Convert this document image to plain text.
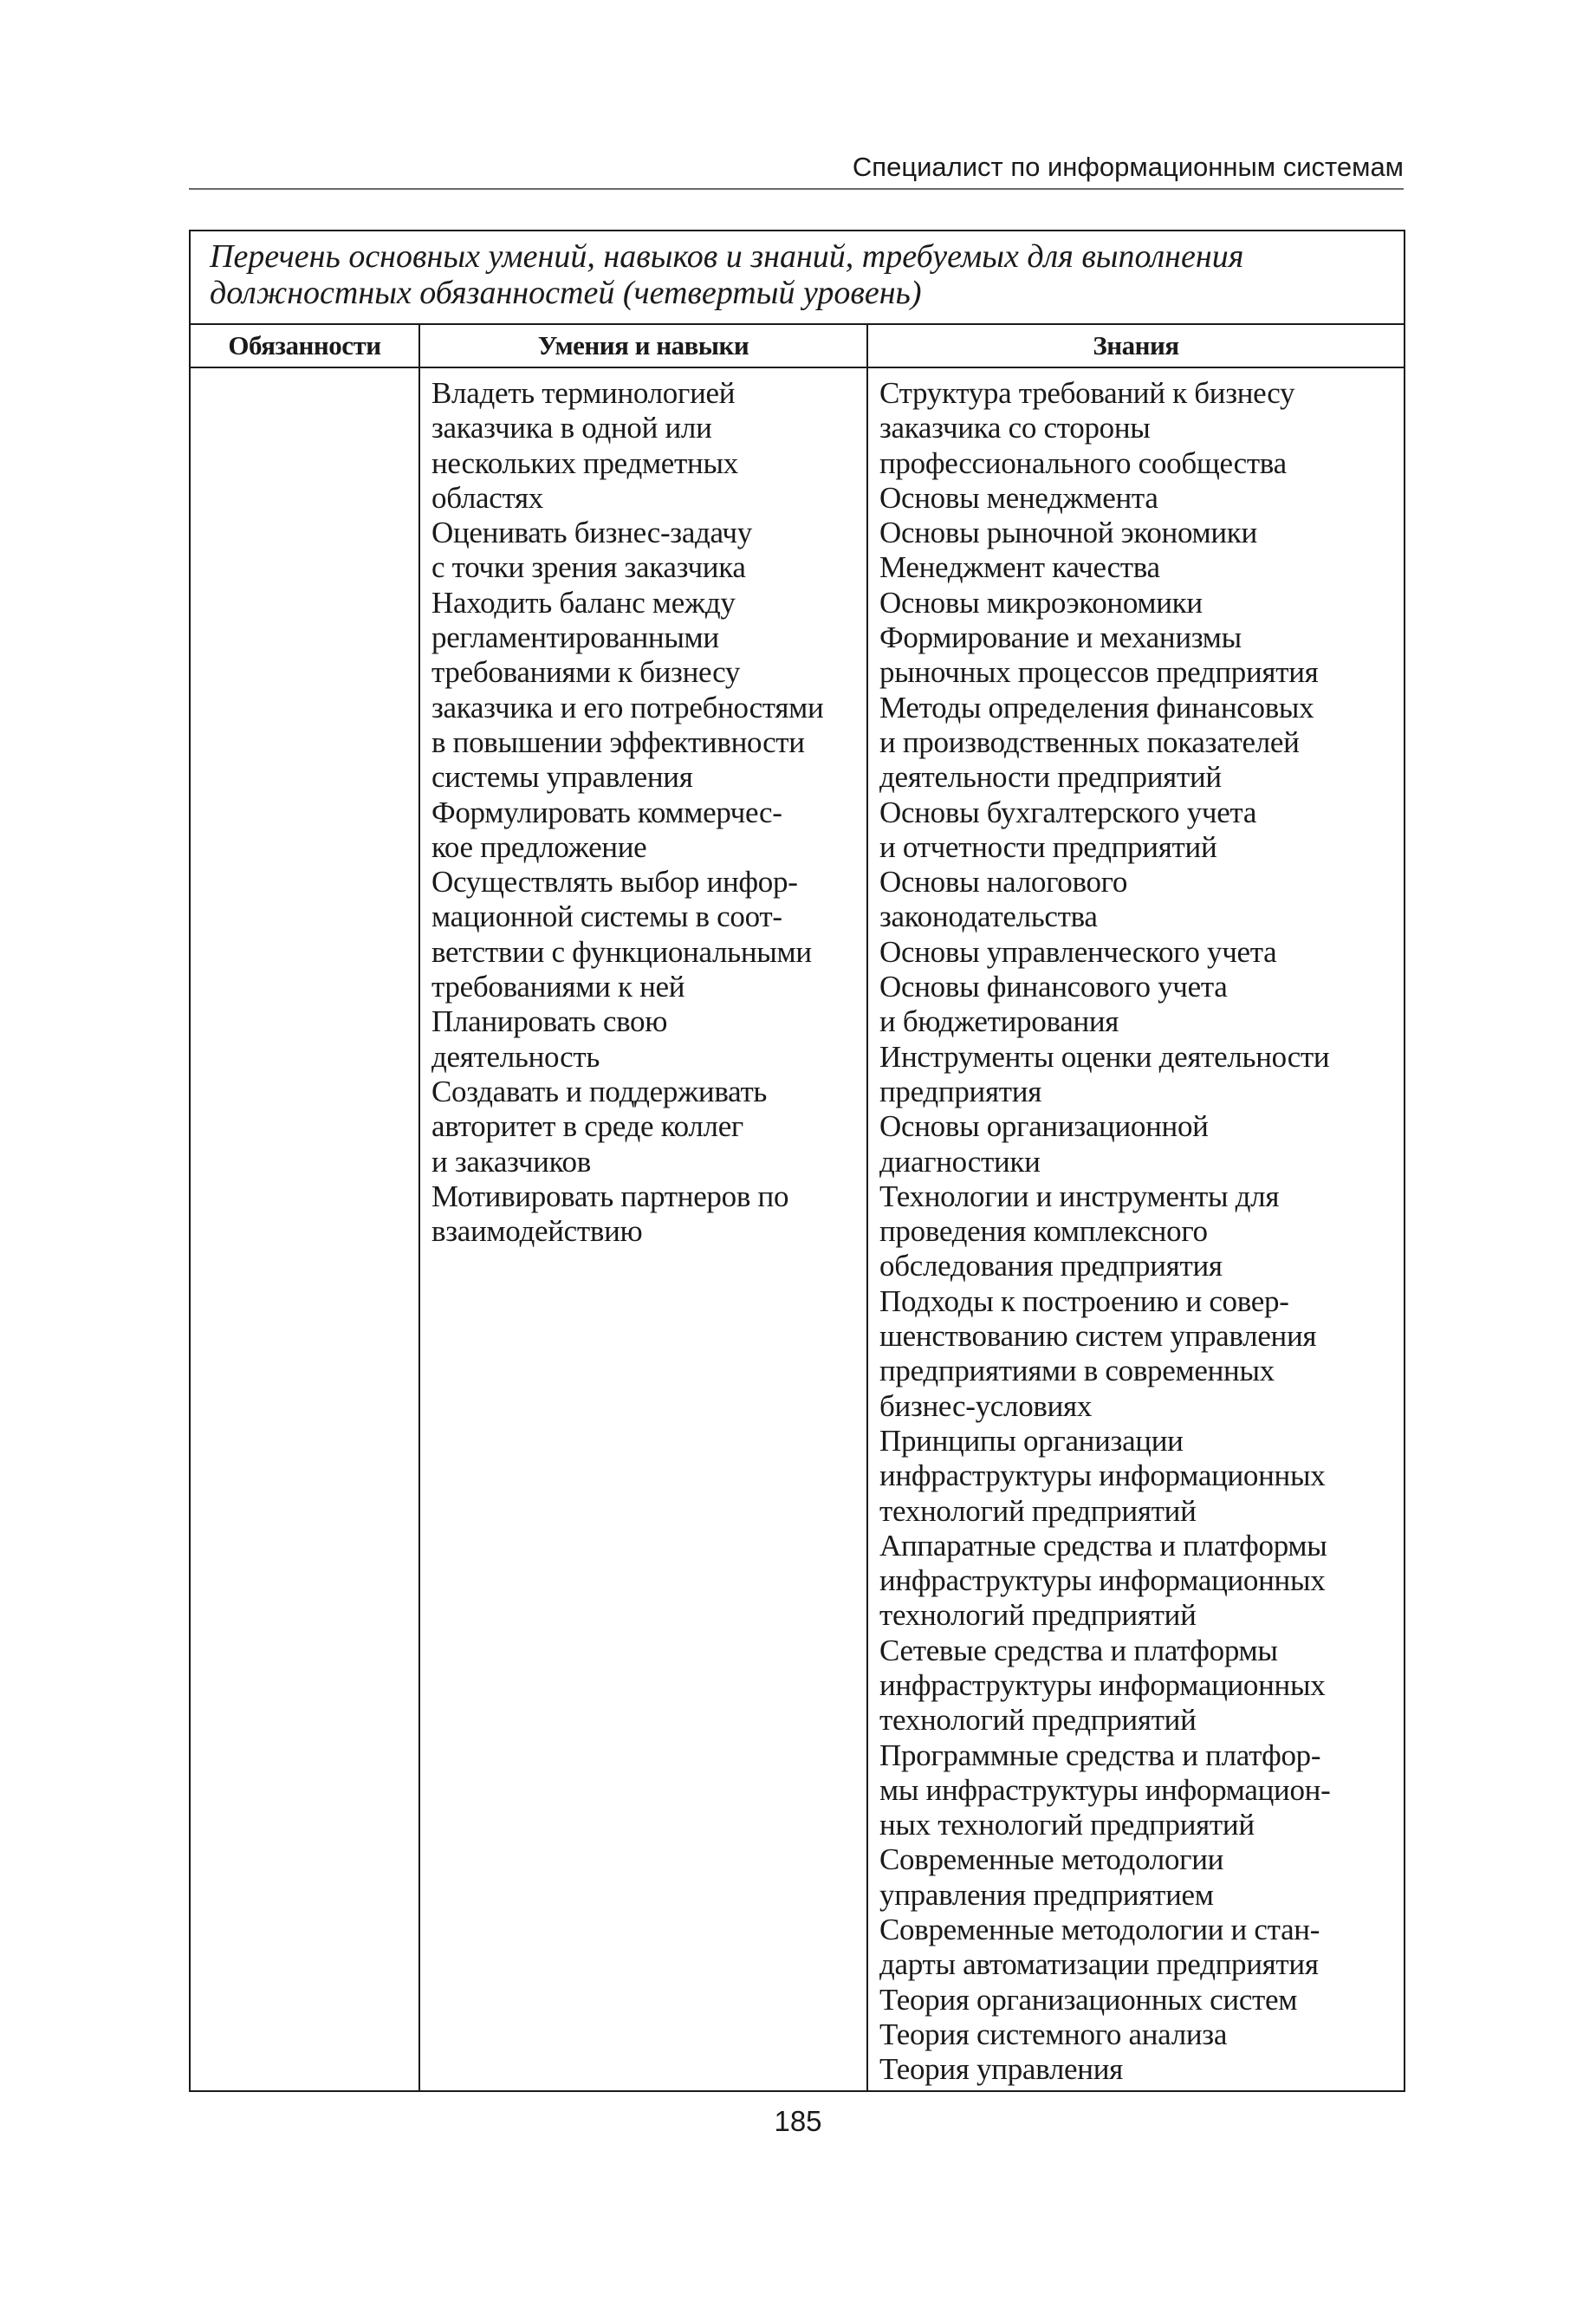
Специалист по информационным системам
Перечень основных умений, навыков и знаний, требуемых для выполнения
должностных обязанностей (четвертый уровень)
Обязанности	Умения и навыки	Знания
Владеть терминологией
заказчика в одной или
нескольких предметных
областях
Оценивать бизнес-задачу
с точки зрения заказчика
Находить баланс между
регламентированными
требованиями к бизнесу
заказчика и его потребностями
в повышении эффективности
системы управления
Формулировать коммерчес-
кое предложение
Осуществлять выбор инфор-
мационной системы в соот-
ветствии с функциональными
требованиями к ней
Планировать свою
деятельность
Создавать и поддерживать
авторитет в среде коллег
и заказчиков
Мотивировать партнеров по
взаимодействию
Структура требований к бизнесу
заказчика со стороны
профессионального сообщества
Основы менеджмента
Основы рыночной экономики
Менеджмент качества
Основы микроэкономики
Формирование и механизмы
рыночных процессов предприятия
Методы определения финансовых
и производственных показателей
деятельности предприятий
Основы бухгалтерского учета
и отчетности предприятий
Основы налогового
законодательства
Основы управленческого учета
Основы финансового учета
и бюджетирования
Инструменты оценки деятельности
предприятия
Основы организационной
диагностики
Технологии и инструменты для
проведения комплексного
обследования предприятия
Подходы к построению и совер-
шенствованию систем управления
предприятиями в современных
бизнес-условиях
Принципы организации
инфраструктуры информационных
технологий предприятий
Аппаратные средства и платформы
инфраструктуры информационных
технологий предприятий
Сетевые средства и платформы
инфраструктуры информационных
технологий предприятий
Программные средства и платфор-
мы инфраструктуры информацион-
ных технологий предприятий
Современные методологии
управления предприятием
Современные методологии и стан-
дарты автоматизации предприятия
Теория организационных систем
Теория системного анализа
Теория управления
185
